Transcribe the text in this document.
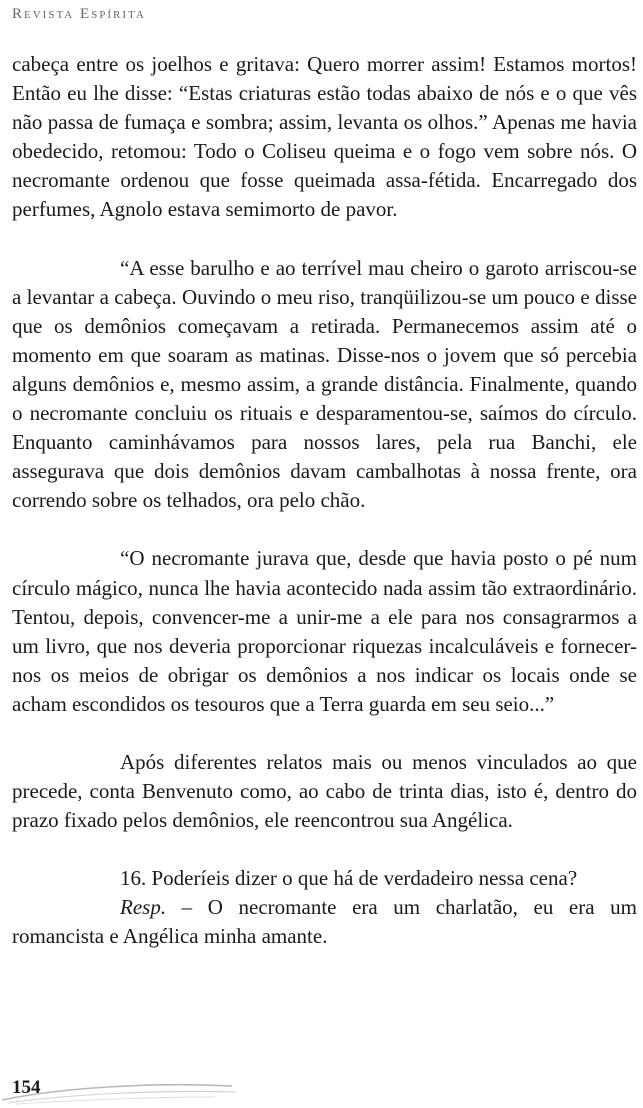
Revista Espírita

cabeça entre os joelhos e gritava: Quero morrer assim! Estamos mortos! Então eu lhe disse: “Estas criaturas estão todas abaixo de nós e o que vês não passa de fumaça e sombra; assim, levanta os olhos.” Apenas me havia obedecido, retomou: Todo o Coliseu queima e o fogo vem sobre nós. O necromante ordenou que fosse queimada assa-fétida. Encarregado dos perfumes, Agnolo estava semimorto de pavor.

“A esse barulho e ao terrível mau cheiro o garoto arriscou-se a levantar a cabeça. Ouvindo o meu riso, tranqüilizou-se um pouco e disse que os demônios começavam a retirada. Permanecemos assim até o momento em que soaram as matinas. Disse-nos o jovem que só percebia alguns demônios e, mesmo assim, a grande distância. Finalmente, quando o necromante concluiu os rituais e desparamentou-se, saímos do círculo. Enquanto caminhávamos para nossos lares, pela rua Banchi, ele assegurava que dois demônios davam cambalhotas à nossa frente, ora correndo sobre os telhados, ora pelo chão.

“O necromante jurava que, desde que havia posto o pé num círculo mágico, nunca lhe havia acontecido nada assim tão extraordinário. Tentou, depois, convencer-me a unir-me a ele para nos consagrarmos a um livro, que nos deveria proporcionar riquezas incalculáveis e fornecer-nos os meios de obrigar os demônios a nos indicar os locais onde se acham escondidos os tesouros que a Terra guarda em seu seio...”

Após diferentes relatos mais ou menos vinculados ao que precede, conta Benvenuto como, ao cabo de trinta dias, isto é, dentro do prazo fixado pelos demônios, ele reencontrou sua Angélica.

16. Poderíeis dizer o que há de verdadeiro nessa cena?

Resp. – O necromante era um charlatão, eu era um romancista e Angélica minha amante.

154
